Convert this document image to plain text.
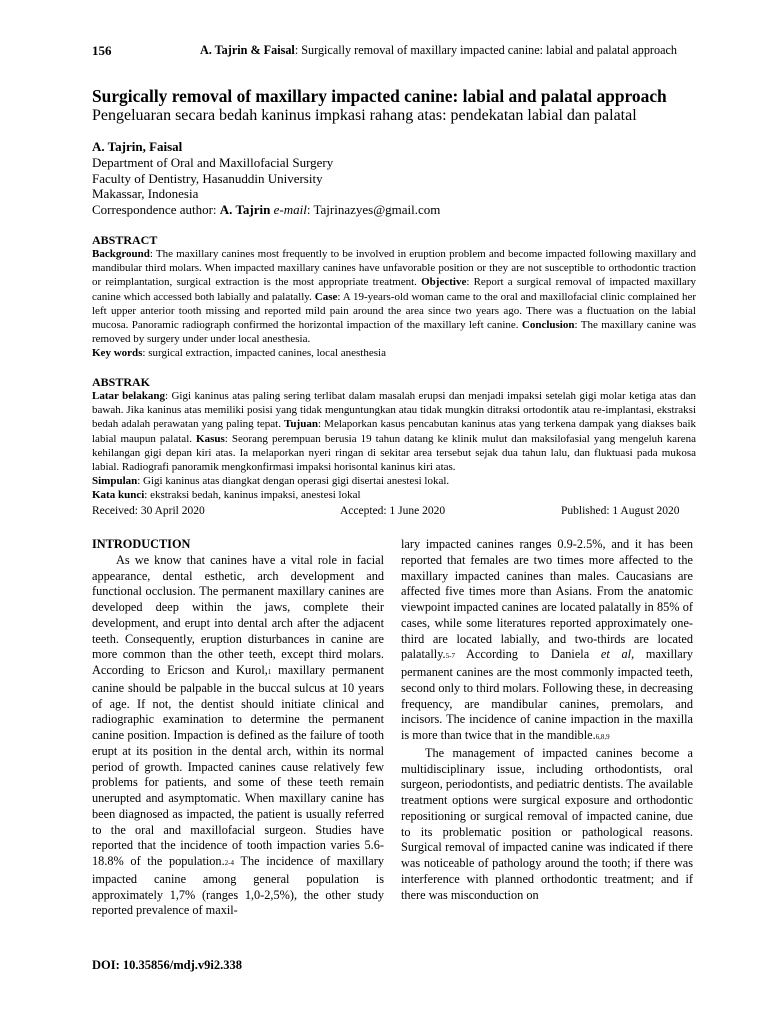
156	A. Tajrin & Faisal: Surgically removal of maxillary impacted canine: labial and palatal approach
Surgically removal of maxillary impacted canine: labial and palatal approach
Pengeluaran secara bedah kaninus impkasi rahang atas: pendekatan labial dan palatal
A. Tajrin, Faisal
Department of Oral and Maxillofacial Surgery
Faculty of Dentistry, Hasanuddin University
Makassar, Indonesia
Correspondence author: A. Tajrin e-mail: Tajrinazyes@gmail.com
ABSTRACT
Background: The maxillary canines most frequently to be involved in eruption problem and become impacted following maxillary and mandibular third molars. When impacted maxillary canines have unfavorable position or they are not susceptible to orthodontic traction or reimplantation, surgical extraction is the most appropriate treatment. Objective: Report a surgical removal of impacted maxillary canine which accessed both labially and palatally. Case: A 19-years-old woman came to the oral and maxillofacial clinic complained her left upper anterior tooth missing and reported mild pain around the area since two years ago. There was a fluctuation on the labial mucosa. Panoramic radiograph confirmed the horizontal impaction of the maxillary left canine. Conclusion: The maxillary canine was removed by surgery under under local anesthesia.
Key words: surgical extraction, impacted canines, local anesthesia
ABSTRAK
Latar belakang: Gigi kaninus atas paling sering terlibat dalam masalah erupsi dan menjadi impaksi setelah gigi molar ketiga atas dan bawah. Jika kaninus atas memiliki posisi yang tidak menguntungkan atau tidak mungkin ditraksi ortodontik atau re-implantasi, ekstraksi bedah adalah perawatan yang paling tepat. Tujuan: Melaporkan kasus pencabutan kaninus atas yang terkena dampak yang diakses baik labial maupun palatal. Kasus: Seorang perempuan berusia 19 tahun datang ke klinik mulut dan maksilofasial yang mengeluh karena kehilangan gigi depan kiri atas. Ia melaporkan nyeri ringan di sekitar area tersebut sejak dua tahun lalu, dan fluktuasi pada mukosa labial. Radiografi panoramik mengkonfirmasi impaksi horisontal kaninus kiri atas.
Simpulan: Gigi kaninus atas diangkat dengan operasi gigi disertai anestesi lokal.
Kata kunci: ekstraksi bedah, kaninus impaksi, anestesi lokal
Received: 30 April 2020	Accepted: 1 June 2020	Published: 1 August 2020
INTRODUCTION

As we know that canines have a vital role in facial appearance, dental esthetic, arch development and functional occlusion. The permanent maxillary canines are developed deep within the jaws, complete their development, and erupt into dental arch after the adjacent teeth. Consequently, eruption disturbances in canine are more common than the other teeth, except third molars. According to Ericson and Kurol,1 maxillary permanent canine should be palpable in the buccal sulcus at 10 years of age. If not, the dentist should initiate clinical and radiographic examination to determine the permanent canine position. Impaction is defined as the failure of tooth erupt at its position in the dental arch, within its normal period of growth. Impacted canines cause relatively few problems for patients, and some of these teeth remain unerupted and asymptomatic. When maxillary canine has been diagnosed as impacted, the patient is usually referred to the oral and maxillofacial surgeon. Studies have reported that the incidence of tooth impaction varies 5.6-18.8% of the population.2-4 The incidence of maxillary impacted canine among general population is approximately 1,7% (ranges 1,0-2,5%), the other study reported prevalence of maxil-

lary impacted canines ranges 0.9-2.5%, and it has been reported that females are two times more affected to the maxillary impacted canines than males. Caucasians are affected five times more than Asians. From the anatomic viewpoint impacted canines are located palatally in 85% of cases, while some literatures reported approximately one-third are located labially, and two-thirds are located palatally.5-7 According to Daniela et al, maxillary permanent canines are the most commonly impacted teeth, second only to third molars. Following these, in decreasing frequency, are mandibular canines, premolars, and incisors. The incidence of canine impaction in the maxilla is more than twice that in the mandible.6,8,9

The management of impacted canines become a multidisciplinary issue, including orthodontists, oral surgeon, periodontists, and pediatric dentists. The available treatment options were surgical exposure and orthodontic repositioning or surgical removal of impacted canine, due to its problematic position or pathological reasons. Surgical removal of impacted canine was indicated if there was noticeable of pathology around the tooth; if there was interference with planned orthodontic treatment; and if there was misconduction on

DOI: 10.35856/mdj.v9i2.338
